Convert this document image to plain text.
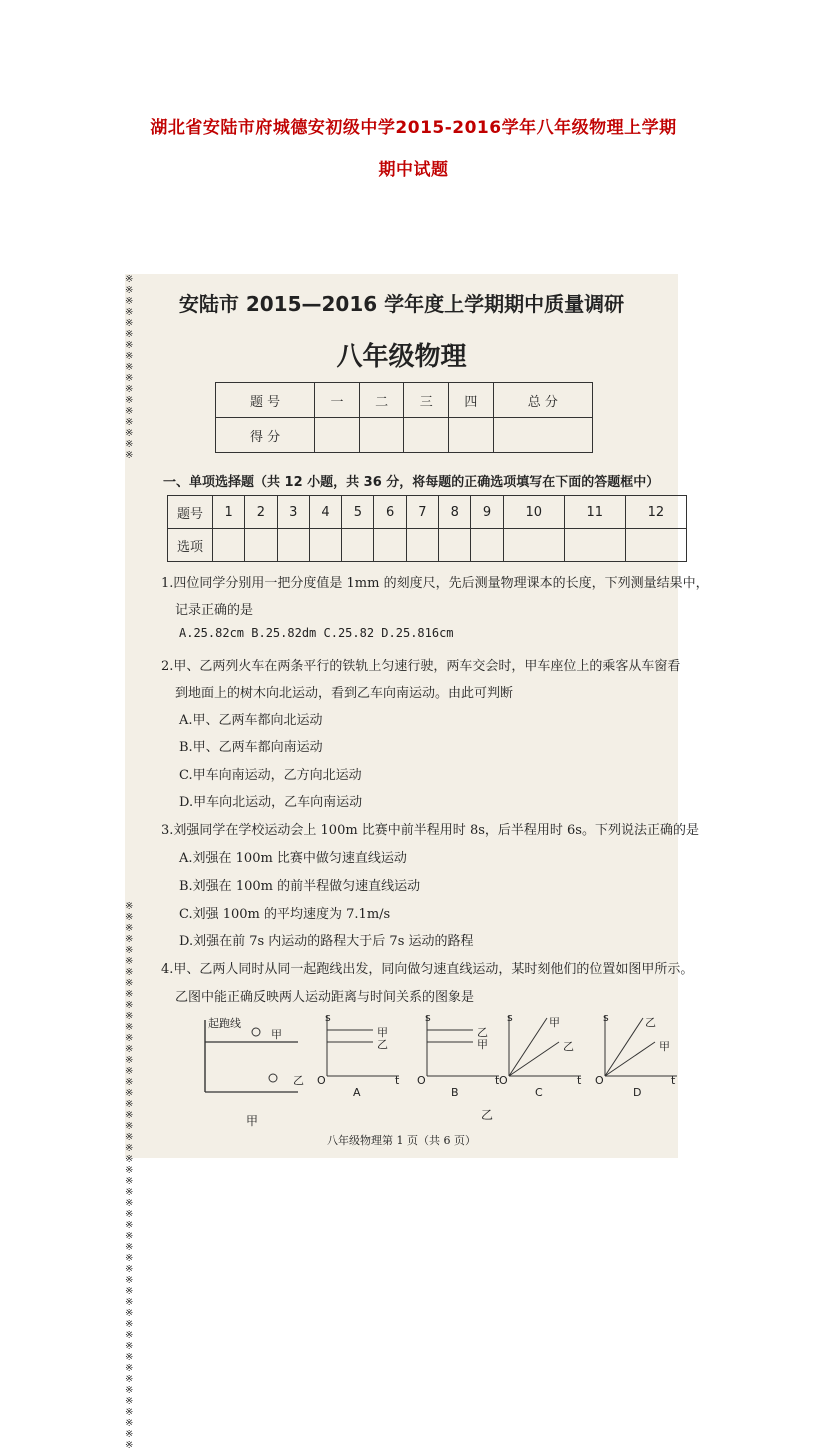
湖北省安陆市府城德安初级中学2015-2016学年八年级物理上学期
期中试题
※
※
※
※
※
※
※
※
※
※
※
※
※
※
※
※
※

※
※
※
※
※
※
※
※
※
※
※
※
※
※
※
※
※
※
※
※
※
※
※
※
※
※
※
※
※
※
※
※
※
※
※
※
※
※
※
※
※
※
※
※
※
※
※
※
※
※
安陆市 2015—2016 学年度上学期期中质量调研
八年级物理
题 号	一	二	三	四	总 分
得 分					
一、单项选择题（共 12 小题，共 36 分，将每题的正确选项填写在下面的答题框中）
题号	1	2	3	4	5	6	7	8	9	10	11	12
选项												
1.四位同学分别用一把分度值是 1mm 的刻度尺，先后测量物理课本的长度，下列测量结果中，
记录正确的是
A.25.82cm B.25.82dm C.25.82 D.25.816cm
2.甲、乙两列火车在两条平行的铁轨上匀速行驶，两车交会时，甲车座位上的乘客从车窗看
到地面上的树木向北运动，看到乙车向南运动。由此可判断
A.甲、乙两车都向北运动
B.甲、乙两车都向南运动
C.甲车向南运动，乙方向北运动
D.甲车向北运动，乙车向南运动
3.刘强同学在学校运动会上 100m 比赛中前半程用时 8s，后半程用时 6s。下列说法正确的是
A.刘强在 100m 比赛中做匀速直线运动
B.刘强在 100m 的前半程做匀速直线运动
C.刘强 100m 的平均速度为 7.1m/s
D.刘强在前 7s 内运动的路程大于后 7s 运动的路程
4.甲、乙两人同时从同一起跑线出发，同向做匀速直线运动，某时刻他们的位置如图甲所示。
乙图中能正确反映两人运动距离与时间关系的图象是
起跑线
甲
乙
s
t
O
甲
乙
A
s
t
O
乙
甲
B
s
t
O
甲
乙
C
s
t
O
乙
甲
D
甲	乙
八年级物理第 1 页（共 6 页）
